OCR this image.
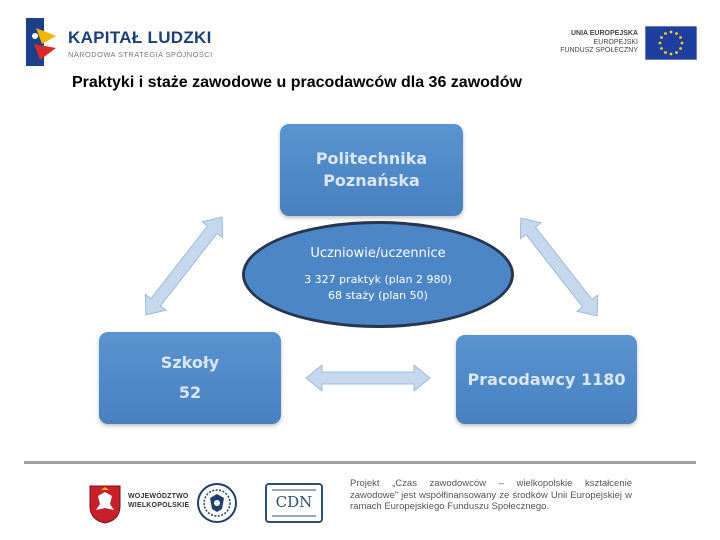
KAPITAŁ LUDZKI
NARODOWA STRATEGIA SPÓJNOŚCI
UNIA EUROPEJSKA
EUROPEJSKI
FUNDUSZ SPOŁECZNY
Praktyki i staże zawodowe u pracodawców dla 36 zawodów
Politechnika
Poznańska
Szkoły
52
Pracodawcy 1180
Uczniowie/uczennice
3 327 praktyk (plan 2 980)
68 staży (plan 50)
WOJEWÓDZTWO
WIELKOPOLSKIE	CDN
Projekt „Czas zawodowców – wielkopolskie kształcenie zawodowe” jest współfinansowany ze środków Unii Europejskiej w ramach Europejskiego Funduszu Społecznego.
